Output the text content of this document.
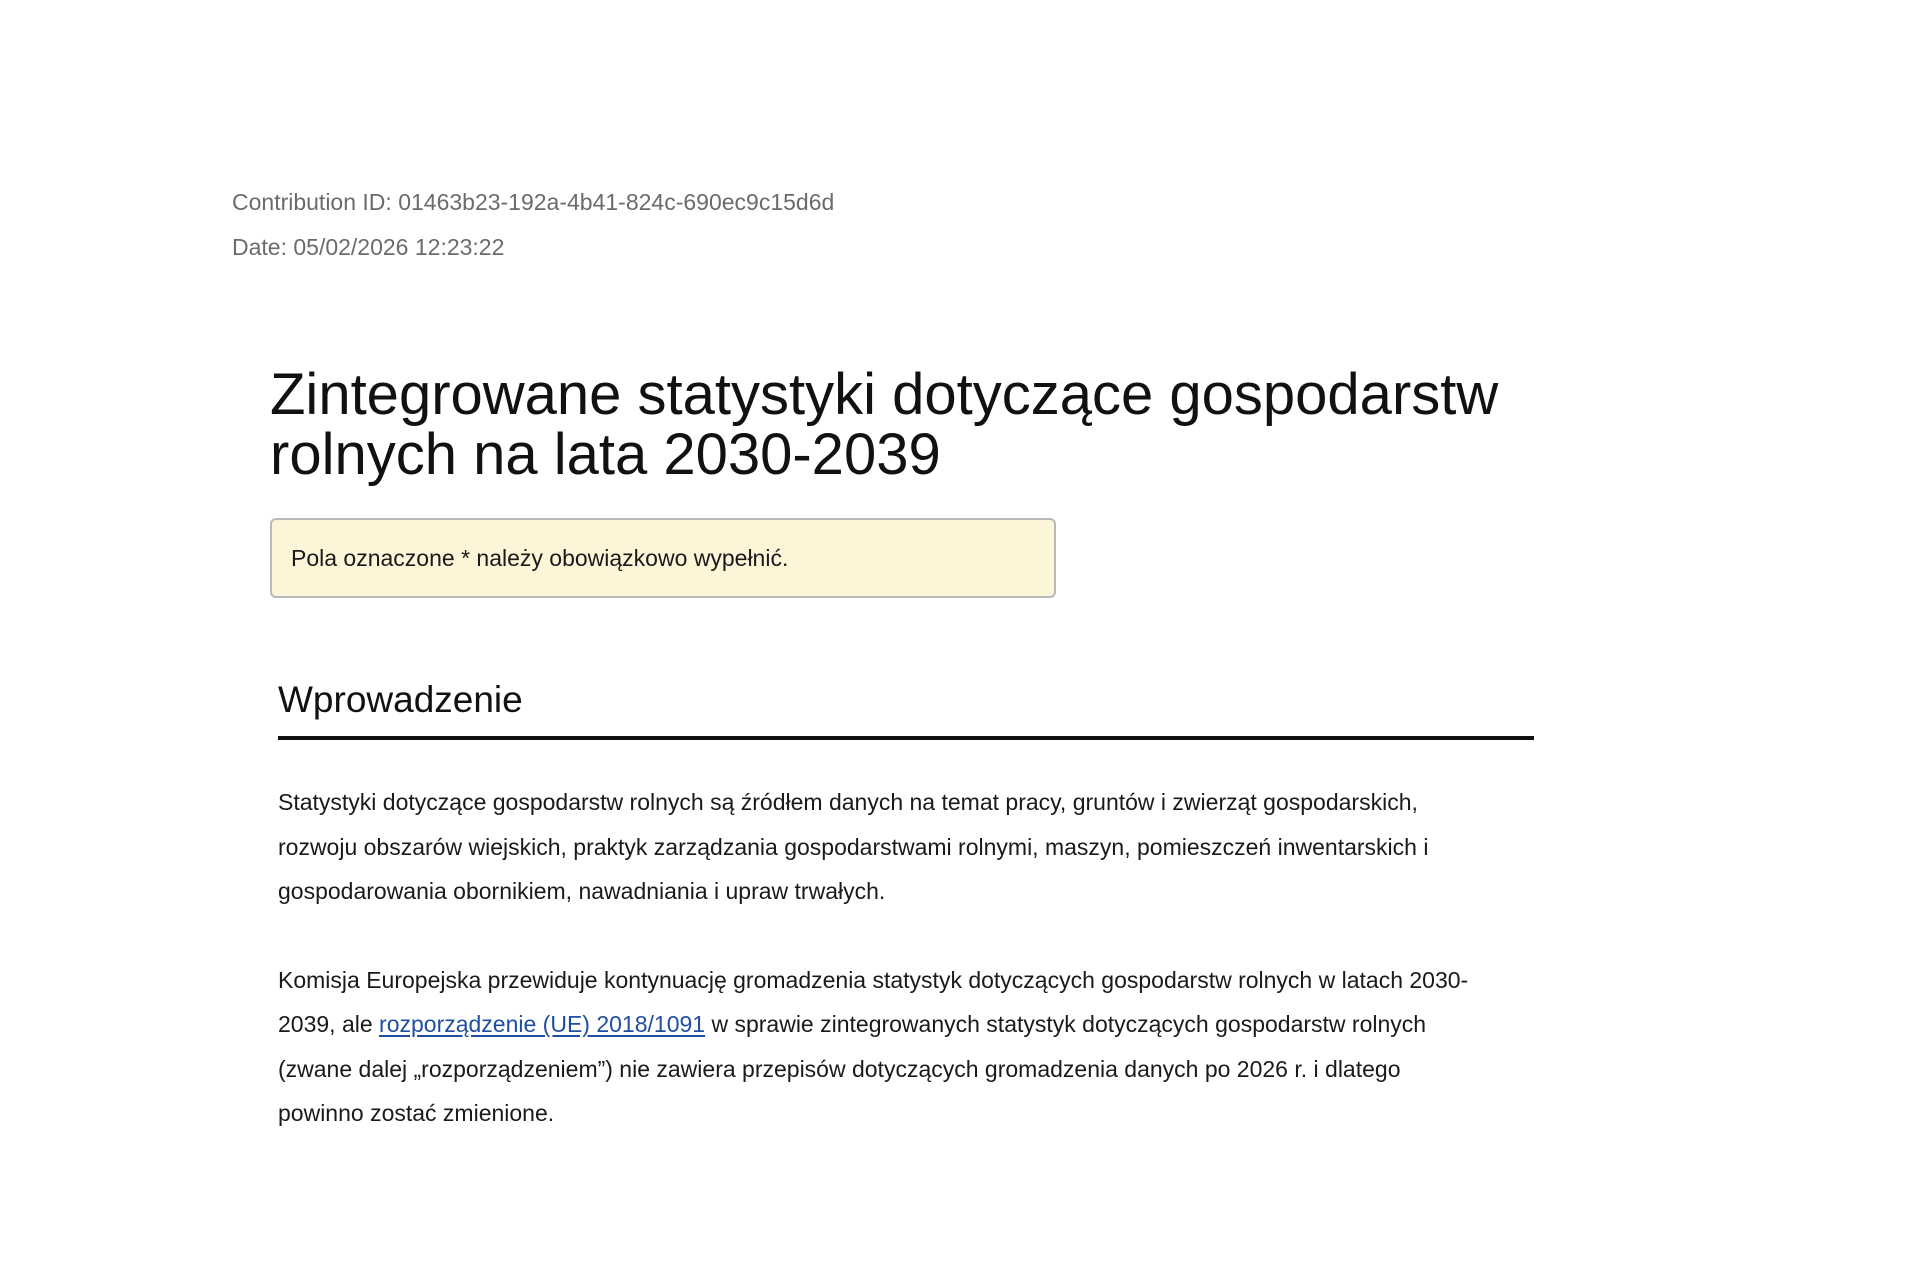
Contribution ID: 01463b23-192a-4b41-824c-690ec9c15d6d
Date: 05/02/2026 12:23:22
Zintegrowane statystyki dotyczące gospodarstw rolnych na lata 2030-2039
Pola oznaczone * należy obowiązkowo wypełnić.
Wprowadzenie

Statystyki dotyczące gospodarstw rolnych są źródłem danych na temat pracy, gruntów i zwierząt gospodarskich, rozwoju obszarów wiejskich, praktyk zarządzania gospodarstwami rolnymi, maszyn, pomieszczeń inwentarskich i gospodarowania obornikiem, nawadniania i upraw trwałych.

Komisja Europejska przewiduje kontynuację gromadzenia statystyk dotyczących gospodarstw rolnych w latach 2030-2039, ale rozporządzenie (UE) 2018/1091 w sprawie zintegrowanych statystyk dotyczących gospodarstw rolnych (zwane dalej „rozporządzeniem”) nie zawiera przepisów dotyczących gromadzenia danych po 2026 r. i dlatego powinno zostać zmienione.
